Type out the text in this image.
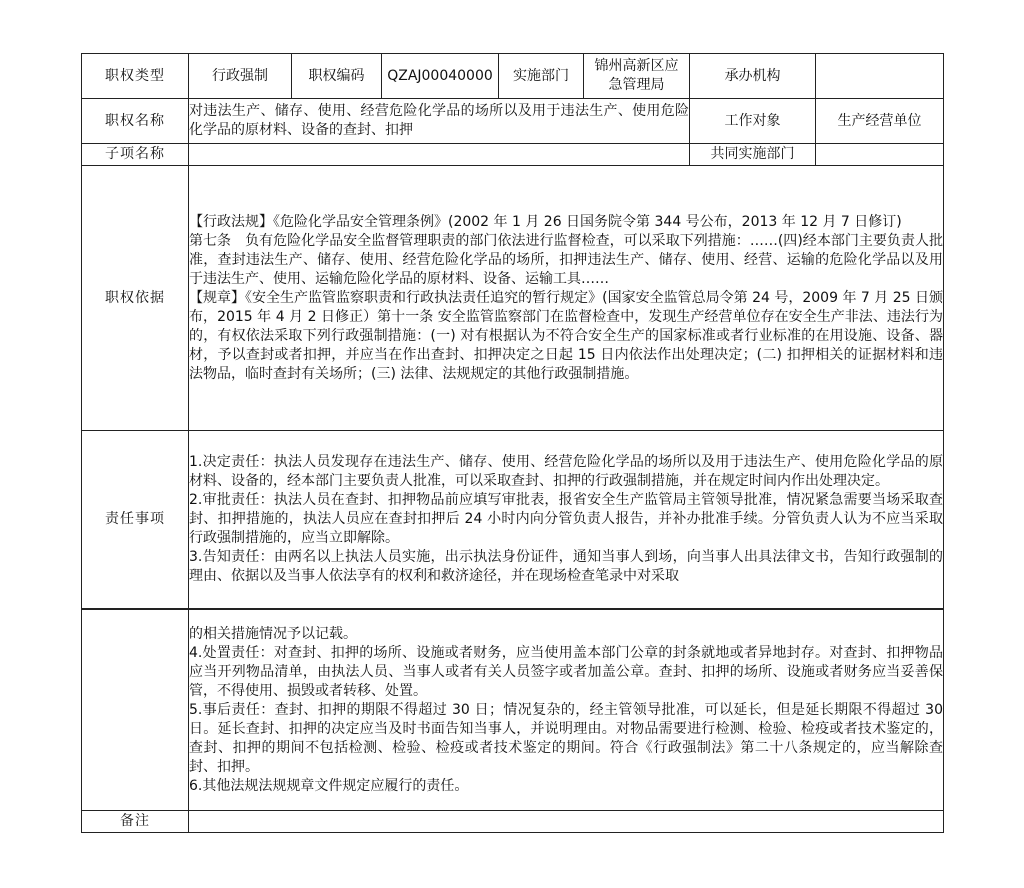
职权类型	行政强制	职权编码	QZAJ00040000	实施部门	锦州高新区应急管理局	承办机构	
职权名称	对违法生产、储存、使用、经营危险化学品的场所以及用于违法生产、使用危险化学品的原材料、设备的查封、扣押					工作对象	生产经营单位
子项名称						共同实施部门	
职权依据	【行政法规】《危险化学品安全管理条例》(2002 年 1 月 26 日国务院令第 344 号公布，2013 年 12 月 7 日修订)

第七条　负有危险化学品安全监督管理职责的部门依法进行监督检查，可以采取下列措施：……(四)经本部门主要负责人批准，查封违法生产、储存、使用、经营危险化学品的场所，扣押违法生产、储存、使用、经营、运输的危险化学品以及用于违法生产、使用、运输危险化学品的原材料、设备、运输工具……

【规章】《安全生产监管监察职责和行政执法责任追究的暂行规定》(国家安全监管总局令第 24 号，2009 年 7 月 25 日颁布，2015 年 4 月 2 日修正）第十一条 安全监管监察部门在监督检查中，发现生产经营单位存在安全生产非法、违法行为的，有权依法采取下列行政强制措施：(一) 对有根据认为不符合安全生产的国家标准或者行业标准的在用设施、设备、器材，予以查封或者扣押，并应当在作出查封、扣押决定之日起 15 日内依法作出处理决定；(二) 扣押相关的证据材料和违法物品，临时查封有关场所；(三) 法律、法规规定的其他行政强制措施。						

责任事项	1.决定责任：执法人员发现存在违法生产、储存、使用、经营危险化学品的场所以及用于违法生产、使用危险化学品的原材料、设备的，经本部门主要负责人批准，可以采取查封、扣押的行政强制措施，并在规定时间内作出处理决定。

2.审批责任：执法人员在查封、扣押物品前应填写审批表，报省安全生产监管局主管领导批准，情况紧急需要当场采取查封、扣押措施的，执法人员应在查封扣押后 24 小时内向分管负责人报告，并补办批准手续。分管负责人认为不应当采取行政强制措施的，应当立即解除。

3.告知责任：由两名以上执法人员实施，出示执法身份证件，通知当事人到场，向当事人出具法律文书，告知行政强制的理由、依据以及当事人依法享有的权利和救济途径，并在现场检查笔录中对采取						

	的相关措施情况予以记载。

4.处置责任：对查封、扣押的场所、设施或者财务，应当使用盖本部门公章的封条就地或者异地封存。对查封、扣押物品应当开列物品清单，由执法人员、当事人或者有关人员签字或者加盖公章。查封、扣押的场所、设施或者财务应当妥善保管，不得使用、损毁或者转移、处置。

5.事后责任：查封、扣押的期限不得超过 30 日；情况复杂的，经主管领导批准，可以延长，但是延长期限不得超过 30 日。延长查封、扣押的决定应当及时书面告知当事人，并说明理由。对物品需要进行检测、检验、检疫或者技术鉴定的，查封、扣押的期间不包括检测、检验、检疫或者技术鉴定的期间。符合《行政强制法》第二十八条规定的，应当解除查封、扣押。

6.其他法规法规规章文件规定应履行的责任。

备注	
